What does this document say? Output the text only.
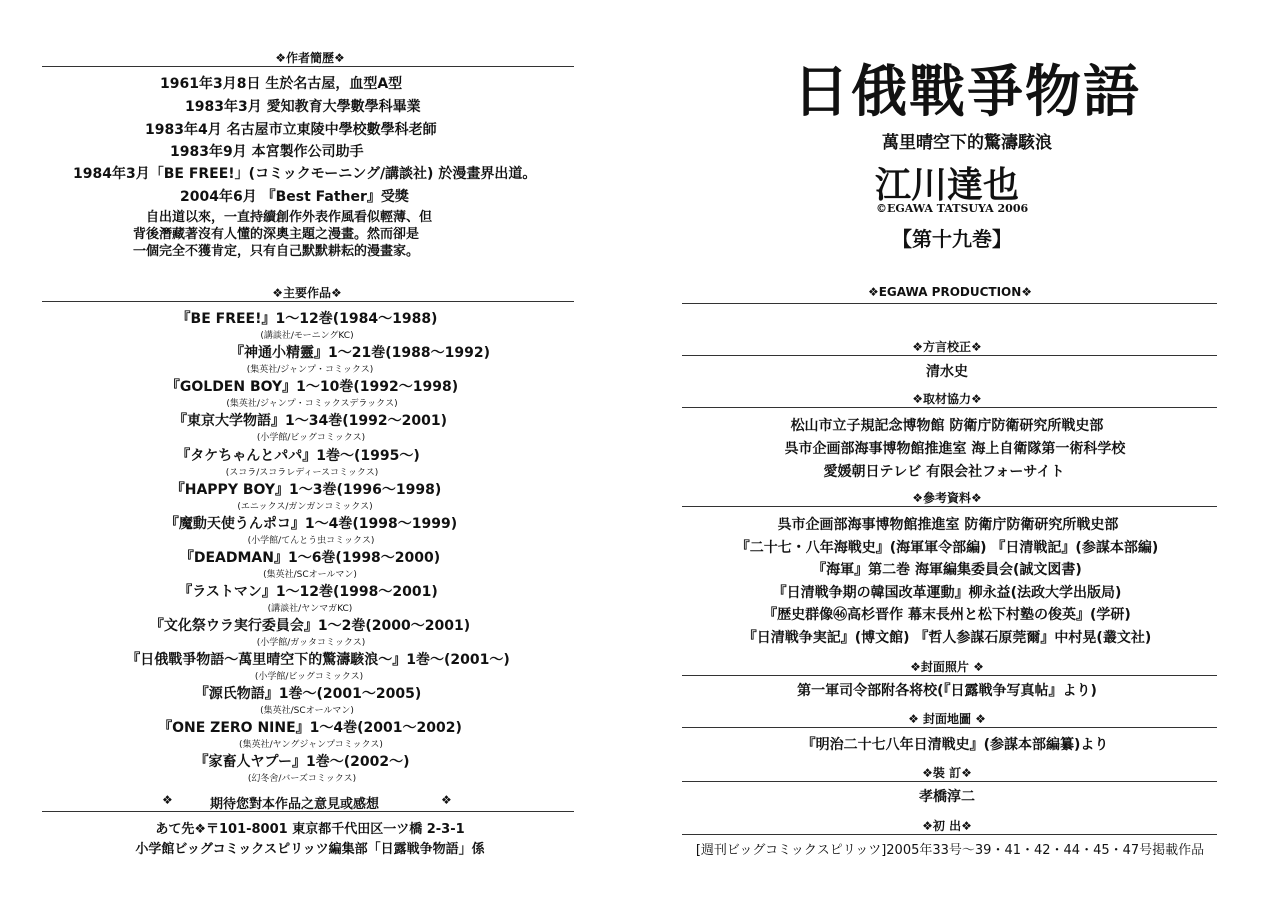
❖作者簡歷❖
1961年3月8日 生於名古屋，血型A型
1983年3月 愛知教育大學數學科畢業
1983年4月 名古屋市立東陵中學校數學科老師
1983年9月 本宮製作公司助手
1984年3月「BE FREE!」(コミックモーニング/講談社) 於漫畫界出道。
2004年6月 『Best Father』受獎
自出道以來，一直持續創作外表作風看似輕薄、但
背後潛藏著沒有人懂的深奧主題之漫畫。然而卻是
一個完全不獲肯定，只有自己默默耕耘的漫畫家。
❖主要作品❖
『BE FREE!』1〜12巻(1984〜1988)
(講談社/モーニングKC)
『神通小精靈』1〜21巻(1988〜1992)
(集英社/ジャンプ・コミックス)
『GOLDEN BOY』1〜10巻(1992〜1998)
(集英社/ジャンプ・コミックスデラックス)
『東京大学物語』1〜34巻(1992〜2001)
(小学館/ビッグコミックス)
『タケちゃんとパパ』1巻〜(1995〜)
(スコラ/スコラレディースコミックス)
『HAPPY BOY』1〜3巻(1996〜1998)
(エニックス/ガンガンコミックス)
『魔動天使うんポコ』1〜4巻(1998〜1999)
(小学館/てんとう虫コミックス)
『DEADMAN』1〜6巻(1998〜2000)
(集英社/SCオールマン)
『ラストマン』1〜12巻(1998〜2001)
(講談社/ヤンマガKC)
『文化祭ウラ実行委員会』1〜2巻(2000〜2001)
(小学館/ガッタコミックス)
『日俄戰爭物語〜萬里晴空下的驚濤駭浪〜』1巻〜(2001〜)
(小学館/ビッグコミックス)
『源氏物語』1巻〜(2001〜2005)
(集英社/SCオールマン)
『ONE ZERO NINE』1〜4巻(2001〜2002)
(集英社/ヤングジャンプコミックス)
『家畜人ヤプー』1巻〜(2002〜)
(幻冬舍/バーズコミックス)
❖	期待您對本作品之意見或感想	❖
あて先❖〒101-8001 東京都千代田区一ツ橋 2-3-1
小学館ビッグコミックスピリッツ編集部「日露戦争物語」係
日俄戰爭物語
萬里晴空下的驚濤駭浪
江川達也
©EGAWA TATSUYA 2006
【第十九巻】
❖EGAWA PRODUCTION❖
❖方言校正❖
清水史
❖取材協力❖
松山市立子規記念博物館 防衛庁防衛研究所戦史部
呉市企画部海事博物館推進室 海上自衛隊第一術科学校
愛媛朝日テレビ 有限会社フォーサイト
❖參考資料❖
呉市企画部海事博物館推進室 防衛庁防衛研究所戦史部
『二十七・八年海戦史』(海軍軍令部編) 『日清戦記』(参謀本部編)
『海軍』第二巻 海軍編集委員会(誠文図書)
『日清戦争期の韓国改革運動』柳永益(法政大学出版局)
『歴史群像㊻高杉晋作 幕末長州と松下村塾の俊英』(学研)
『日清戦争実記』(博文館) 『哲人参謀石原莞爾』中村晃(叢文社)
❖封面照片 ❖
第一軍司令部附各将校(『日露戦争写真帖』より)
❖ 封面地圖 ❖
『明治二十七八年日清戦史』(参謀本部編纂)より
❖裝 訂❖
孝橋淳二
❖初 出❖
[週刊ビッグコミックスピリッツ]2005年33号〜39・41・42・44・45・47号掲載作品
